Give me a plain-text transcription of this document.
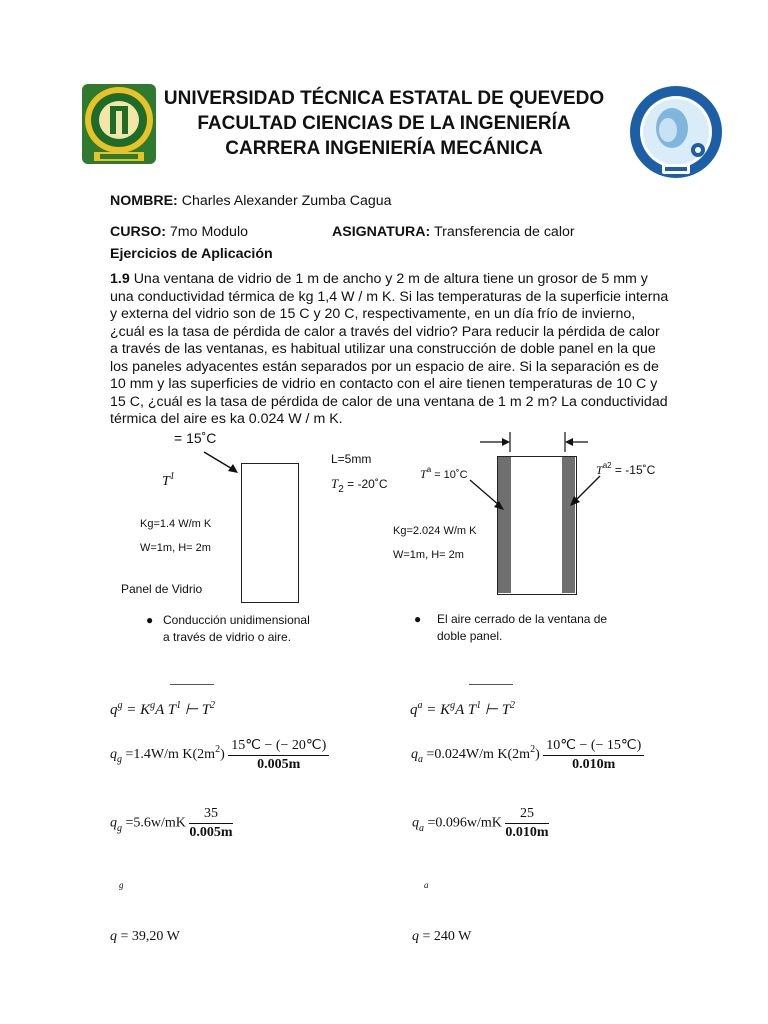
UNIVERSIDAD TÉCNICA ESTATAL DE QUEVEDO
FACULTAD CIENCIAS DE LA INGENIERÍA
CARRERA INGENIERÍA MECÁNICA
NOMBRE: Charles Alexander Zumba Cagua
CURSO: 7mo Modulo	ASIGNATURA: Transferencia de calor
Ejercicios de Aplicación
1.9 Una ventana de vidrio de 1 m de ancho y 2 m de altura tiene un grosor de 5 mm y una conductividad térmica de kg 1,4 W / m K. Si las temperaturas de la superficie interna y externa del vidrio son de 15 C y 20 C, respectivamente, en un día frío de invierno, ¿cuál es la tasa de pérdida de calor a través del vidrio? Para reducir la pérdida de calor a través de las ventanas, es habitual utilizar una construcción de doble panel en la que los paneles adyacentes están separados por un espacio de aire. Si la separación es de 10 mm y las superficies de vidrio en contacto con el aire tienen temperaturas de 10 C y 15 C, ¿cuál es la tasa de pérdida de calor de una ventana de 1 m 2 m? La conductividad térmica del aire es ka 0.024 W / m K.
= 15˚C
$T^1$
L=5mm
$T_2$ = -20˚C
Kg=1.4 W/m K
W=1m, H= 2m
Panel de Vidrio
$T^a$ = 10˚C	$T^{a2}$ = -15˚C
Kg=2.024 W/m K
W=1m, H= 2m
● Conducción unidimensional
a través de vidrio o aire.
● El aire cerrado de la ventana de
doble panel.
$q^g = K^gA$ $T^1$ ⊢ $T^2$
$q_g =1.4W/m$ $K(2m^2) \frac{15℃ - (- 20℃)}{0.005m}$
$q_g =5.6w/mK \frac{35}{0.005m}$
g
q = 39,20 W
$q^a = K^gA$ $T^1$ ⊢ $T^2$
$q_a =0.024W/m$ $K(2m^2) \frac{10℃ - (- 15℃)}{0.010m}$
$q_a =0.096w/mK \frac{25}{0.010m}$
a
q = 240 W
